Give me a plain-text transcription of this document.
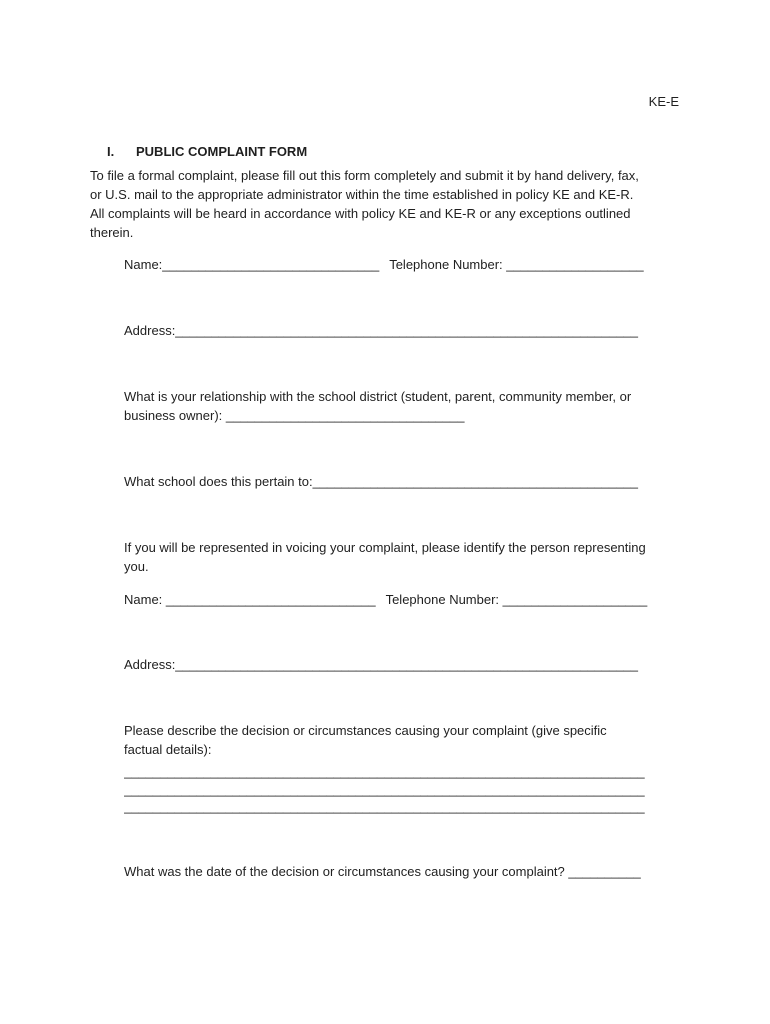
KE-E
I. PUBLIC COMPLAINT FORM

To file a formal complaint, please fill out this form completely and submit it by hand delivery, fax,

or U.S. mail to the appropriate administrator within the time established in policy KE and KE-R.

All complaints will be heard in accordance with policy KE and KE-R or any exceptions outlined

therein.

Name:______________________________ Telephone Number: ___________________
Address:________________________________________________________________
What is your relationship with the school district (student, parent, community member, or
business owner): _________________________________
What school does this pertain to:_____________________________________________
If you will be represented in voicing your complaint, please identify the person representing
you.
Name: _____________________________ Telephone Number: ____________________
Address:________________________________________________________________
Please describe the decision or circumstances causing your complaint (give specific
factual details):
________________________________________________________________________
________________________________________________________________________
________________________________________________________________________
What was the date of the decision or circumstances causing your complaint? __________
